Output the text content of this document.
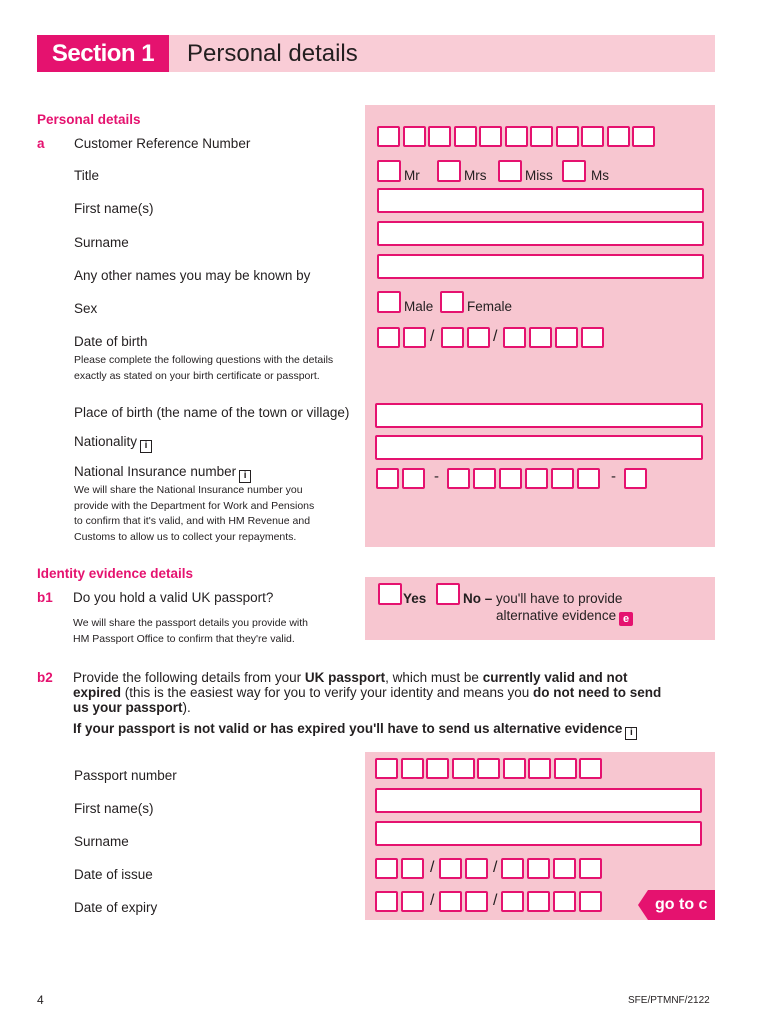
Section 1	Personal details
Personal details
a Customer Reference Number
Title	Mr	Mrs	Miss	Ms
First name(s)
Surname
Any other names you may be known by
Sex	Male Female
Date of birth	/	/
Please complete the following questions with the details
exactly as stated on your birth certificate or passport.
Place of birth (the name of the town or village)
Nationality i
National Insurance number i	-	-
We will share the National Insurance number you
provide with the Department for Work and Pensions
to confirm that it's valid, and with HM Revenue and
Customs to allow us to collect your repayments.
Identity evidence details
b1 Do you hold a valid UK passport?
We will share the passport details you provide with
HM Passport Office to confirm that they're valid.
Yes	No – you'll have to provide
alternative evidence e
b2 Provide the following details from your UK passport, which must be currently valid and not
expired (this is the easiest way for you to verify your identity and means you do not need to send
us your passport).
If your passport is not valid or has expired you'll have to send us alternative evidence i
Passport number
First name(s)
Surname
Date of issue	/	/
Date of expiry	/	/	go to c
4	SFE/PTMNF/2122
